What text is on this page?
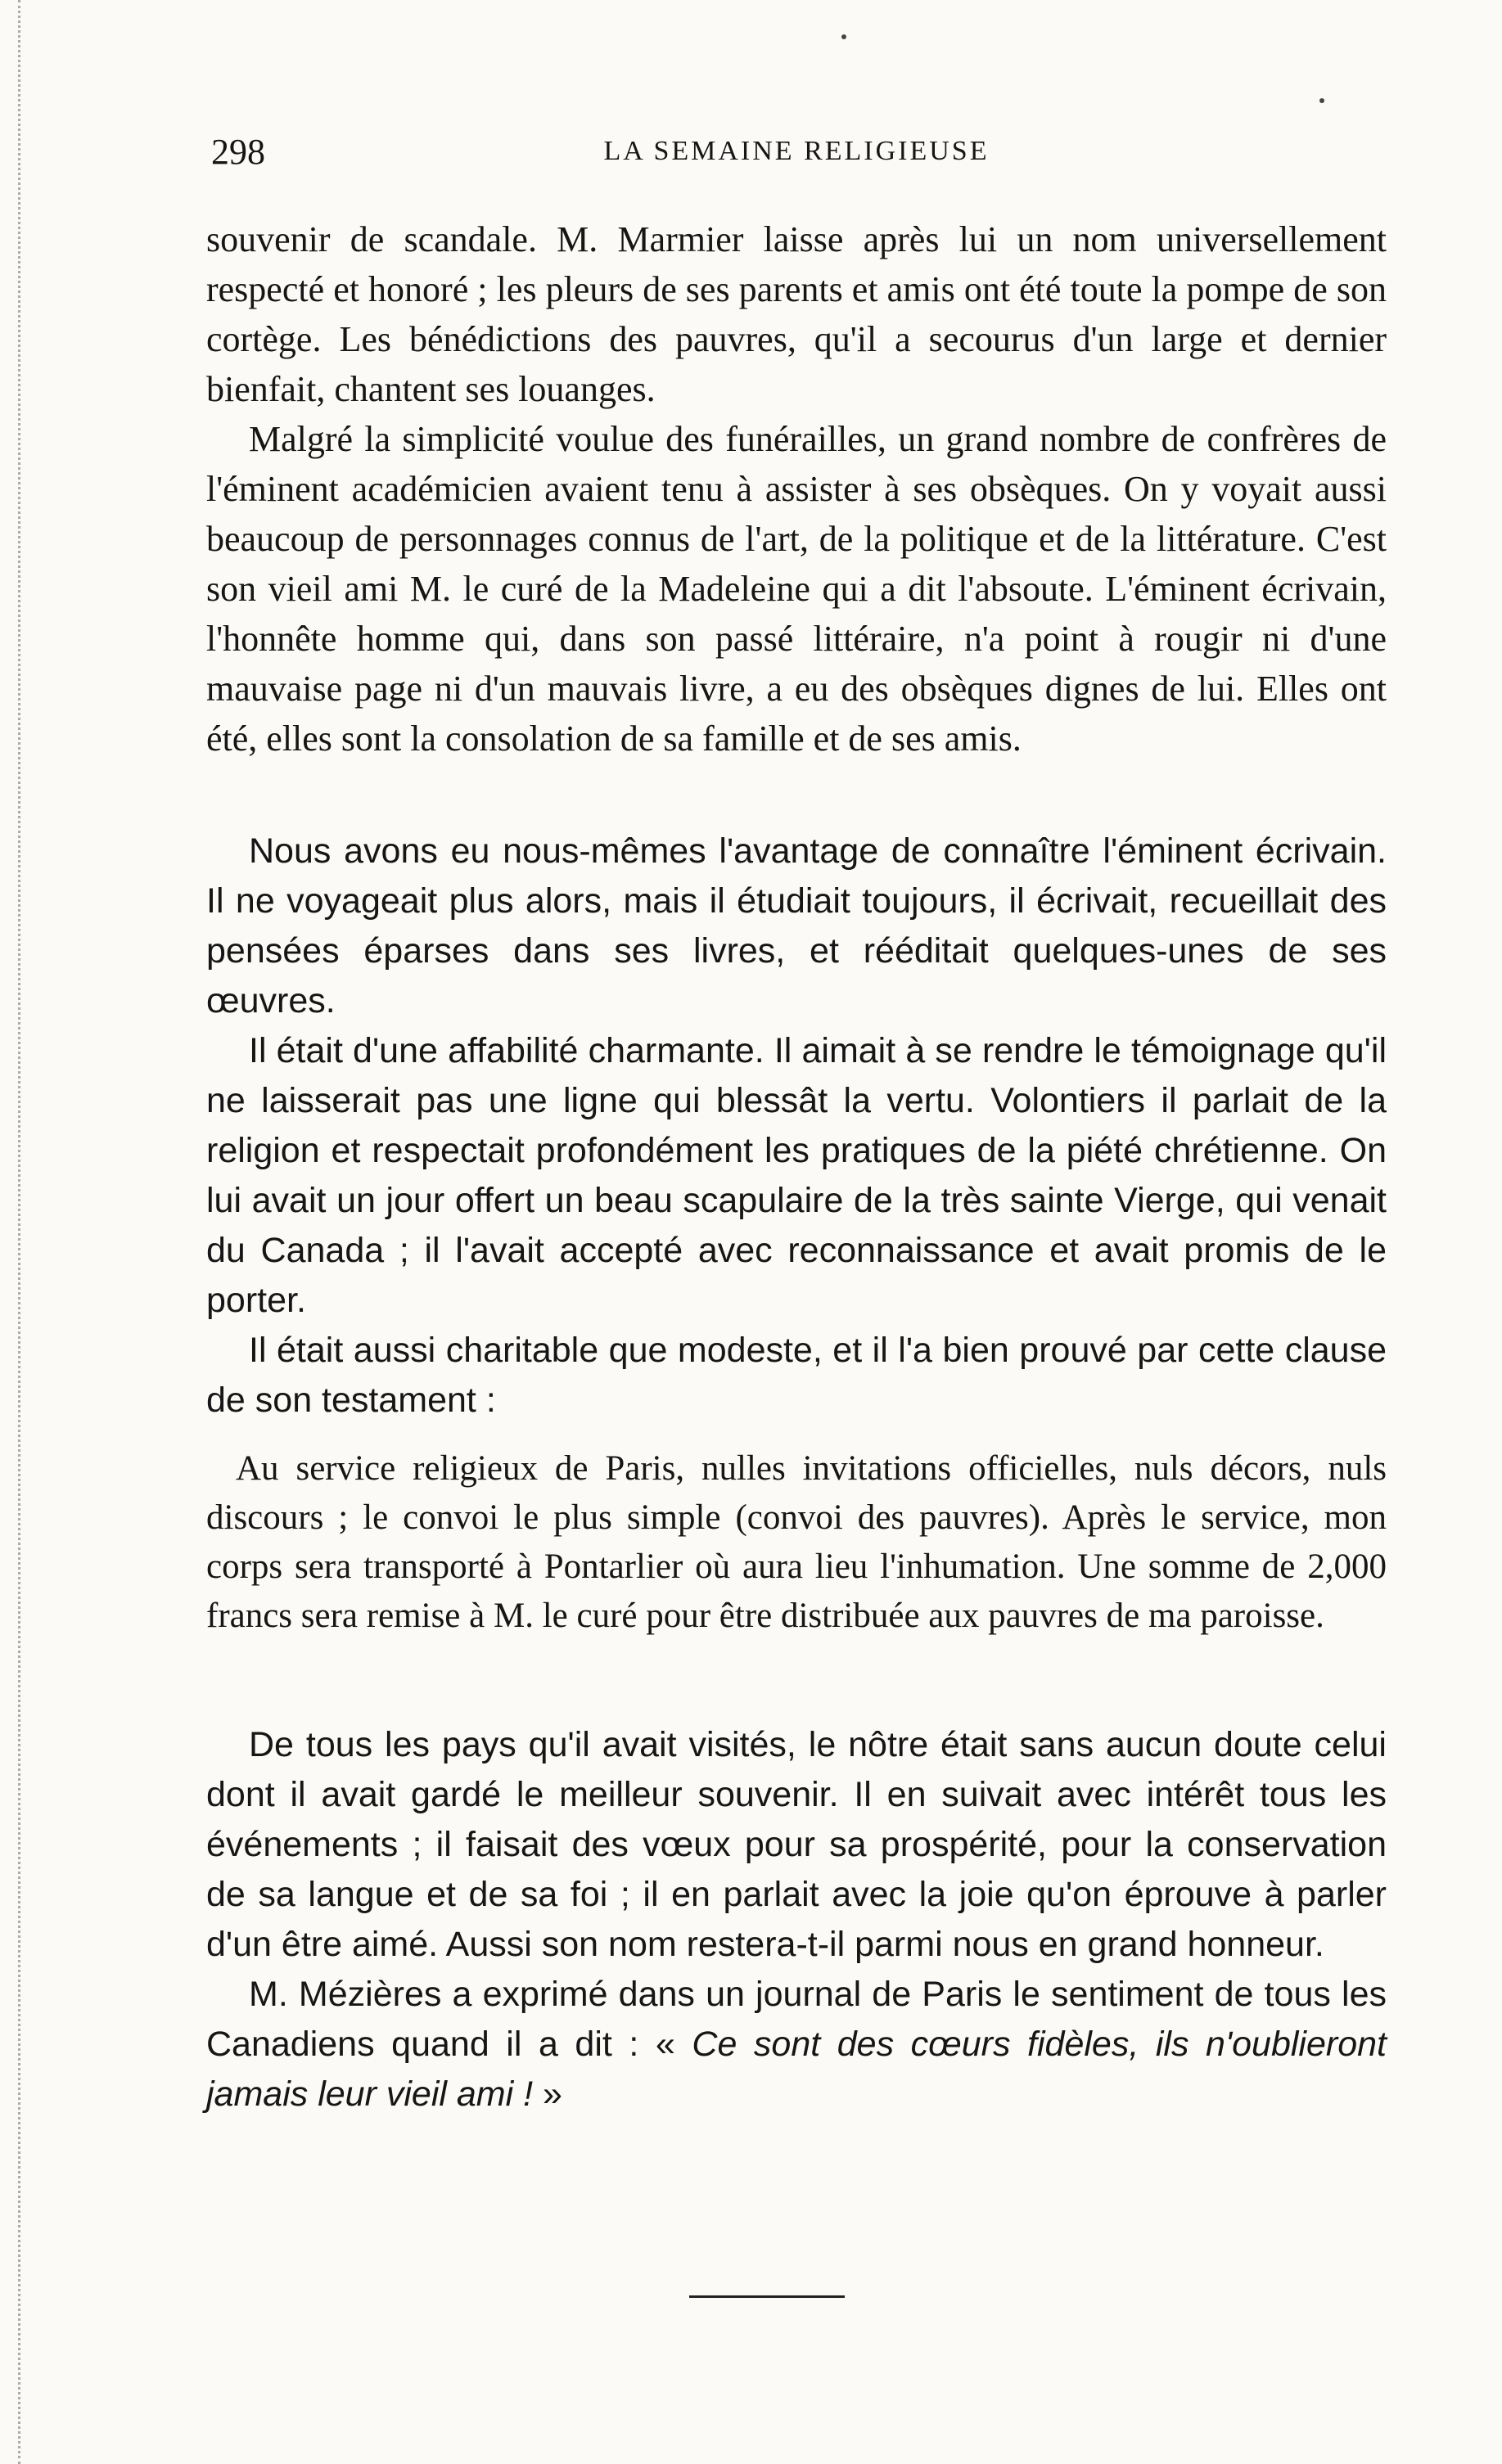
298	LA SEMAINE RELIGIEUSE

souvenir de scandale. M. Marmier laisse après lui un nom universellement respecté et honoré ; les pleurs de ses parents et amis ont été toute la pompe de son cortège. Les bénédictions des pauvres, qu'il a secourus d'un large et dernier bienfait, chantent ses louanges.

Malgré la simplicité voulue des funérailles, un grand nombre de confrères de l'éminent académicien avaient tenu à assister à ses obsèques. On y voyait aussi beaucoup de personnages connus de l'art, de la politique et de la littérature. C'est son vieil ami M. le curé de la Madeleine qui a dit l'absoute. L'éminent écrivain, l'honnête homme qui, dans son passé littéraire, n'a point à rougir ni d'une mauvaise page ni d'un mauvais livre, a eu des obsèques dignes de lui. Elles ont été, elles sont la consolation de sa famille et de ses amis.

Nous avons eu nous-mêmes l'avantage de connaître l'éminent écrivain. Il ne voyageait plus alors, mais il étudiait toujours, il écrivait, recueillait des pensées éparses dans ses livres, et rééditait quelques-unes de ses œuvres.

Il était d'une affabilité charmante. Il aimait à se rendre le témoignage qu'il ne laisserait pas une ligne qui blessât la vertu. Volontiers il parlait de la religion et respectait profondément les pratiques de la piété chrétienne. On lui avait un jour offert un beau scapulaire de la très sainte Vierge, qui venait du Canada ; il l'avait accepté avec reconnaissance et avait promis de le porter.

Il était aussi charitable que modeste, et il l'a bien prouvé par cette clause de son testament :

Au service religieux de Paris, nulles invitations officielles, nuls décors, nuls discours ; le convoi le plus simple (convoi des pauvres). Après le service, mon corps sera transporté à Pontarlier où aura lieu l'inhumation. Une somme de 2,000 francs sera remise à M. le curé pour être distribuée aux pauvres de ma paroisse.

De tous les pays qu'il avait visités, le nôtre était sans aucun doute celui dont il avait gardé le meilleur souvenir. Il en suivait avec intérêt tous les événements ; il faisait des vœux pour sa prospérité, pour la conservation de sa langue et de sa foi ; il en parlait avec la joie qu'on éprouve à parler d'un être aimé. Aussi son nom restera-t-il parmi nous en grand honneur.

M. Mézières a exprimé dans un journal de Paris le sentiment de tous les Canadiens quand il a dit : « Ce sont des cœurs fidèles, ils n'oublieront jamais leur vieil ami ! »
